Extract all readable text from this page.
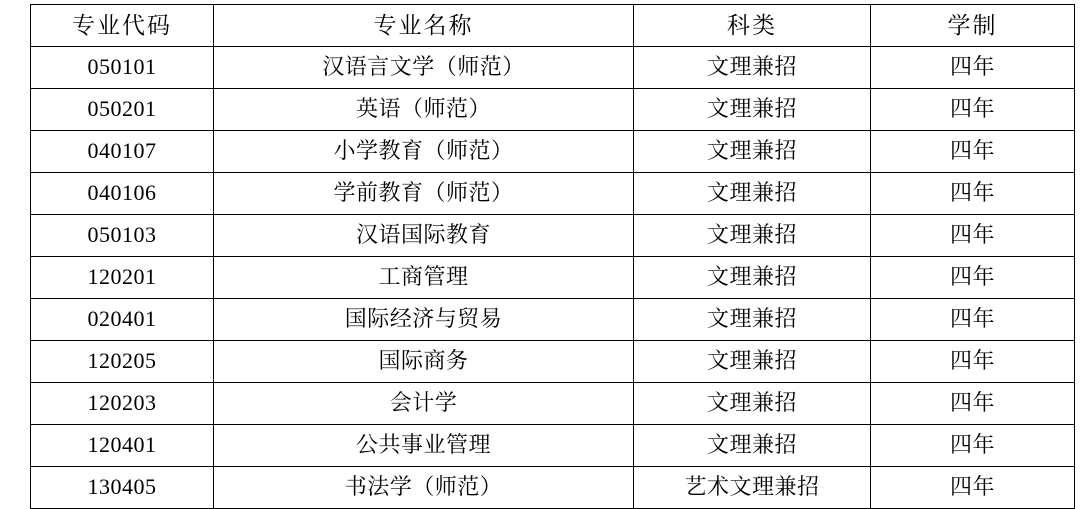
专业代码	专业名称	科类	学制

050101	汉语言文学（师范）	文理兼招	四年

050201	英语（师范）	文理兼招	四年

040107	小学教育（师范）	文理兼招	四年

040106	学前教育（师范）	文理兼招	四年

050103	汉语国际教育	文理兼招	四年

120201	工商管理	文理兼招	四年

020401	国际经济与贸易	文理兼招	四年

120205	国际商务	文理兼招	四年

120203	会计学	文理兼招	四年

120401	公共事业管理	文理兼招	四年

130405	书法学（师范）	艺术文理兼招	四年
